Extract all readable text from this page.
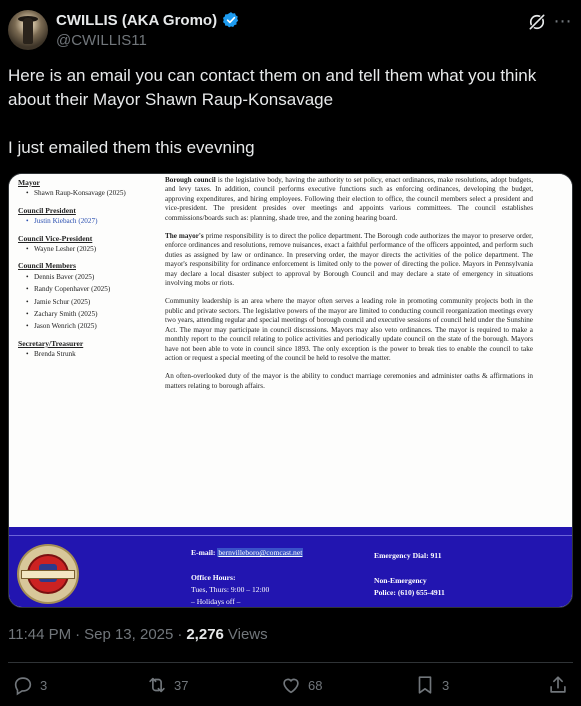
CWILLIS (AKA Gromo)
@CWILLIS11
⋯

Here is an email you can contact them on and tell them what you think

about their Mayor Shawn Raup-Konsavage

I just emailed them this evevning

Mayor
• Shawn Raup-Konsavage (2025)
Council President
• Justin Kiebach (2027)
Council Vice-President
• Wayne Lesher (2025)
Council Members
• Dennis Baver (2025)
• Randy Copenhaver (2025)
• Jamie Schur (2025)
• Zachary Smith (2025)
• Jason Wenrich (2025)
Secretary/Treasurer
• Brenda Strunk

Borough council is the legislative body, having the authority to set policy, enact ordinances, make resolutions, adopt budgets, and levy taxes. In addition, council performs executive functions such as enforcing ordinances, developing the budget, approving expenditures, and hiring employees. Following their election to office, the council members select a president and vice-president. The president presides over meetings and appoints various committees. The council establishes commissions/boards such as: planning, shade tree, and the zoning hearing board.

The mayor's prime responsibility is to direct the police department. The Borough code authorizes the mayor to preserve order, enforce ordinances and resolutions, remove nuisances, exact a faithful performance of the officers appointed, and perform such duties as assigned by law or ordinance. In preserving order, the mayor directs the activities of the police department. The mayor's responsibility for ordinance enforcement is limited only to the power of directing the police. Mayors in Pennsylvania may declare a local disaster subject to approval by Borough Council and may declare a state of emergency in situations involving mobs or riots.

Community leadership is an area where the mayor often serves a leading role in promoting community projects both in the public and private sectors. The legislative powers of the mayor are limited to conducting council reorganization meetings every two years, attending regular and special meetings of borough council and executive sessions of council held under the Sunshine Act. The mayor may participate in council discussions. Mayors may also veto ordinances. The mayor is required to make a monthly report to the council relating to police activities and periodically update council on the state of the borough. Mayors have not been able to vote in council since 1893. The only exception is the power to break ties to enable the council to take action or request a special meeting of the council be held to resolve the matter.

An often-overlooked duty of the mayor is the ability to conduct marriage ceremonies and administer oaths & affirmations in matters relating to borough affairs.

E-mail: bernvilleboro@comcast.net
Office Hours:
Tues, Thurs: 9:00 – 12:00
– Holidays off –
Emergency Dial: 911
Non-Emergency
Police: (610) 655-4911
11:44 PM · Sep 13, 2025 · 2,276 Views
3	37	68	3
